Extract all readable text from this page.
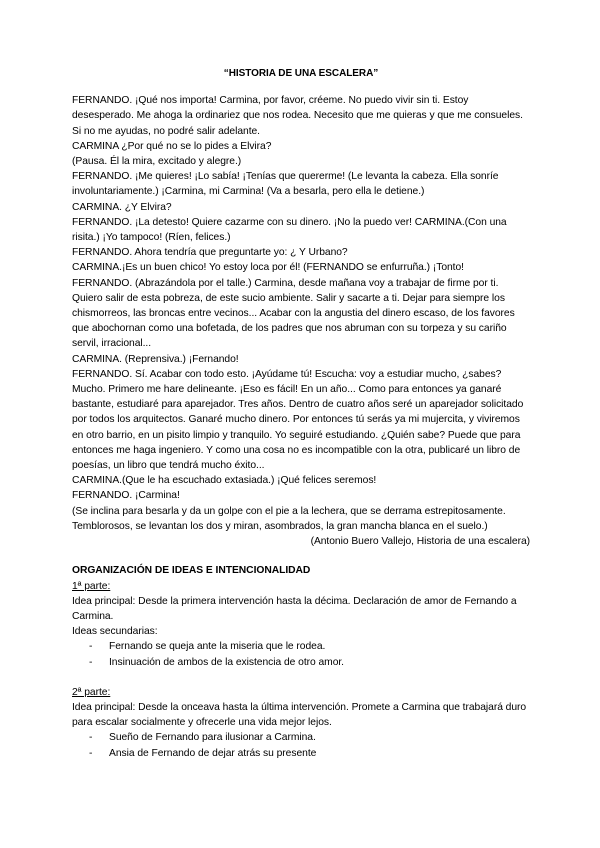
“HISTORIA DE UNA ESCALERA”

FERNANDO. ¡Qué nos importa! Carmina, por favor, créeme. No puedo vivir sin ti. Estoy desesperado. Me ahoga la ordinariez que nos rodea. Necesito que me quieras y que me consueles. Si no me ayudas, no podré salir adelante.

CARMINA ¿Por qué no se lo pides a Elvira?

(Pausa. Él la mira, excitado y alegre.)

FERNANDO. ¡Me quieres! ¡Lo sabía! ¡Tenías que quererme! (Le levanta la cabeza. Ella sonríe involuntariamente.) ¡Carmina, mi Carmina! (Va a besarla, pero ella le detiene.)

CARMINA. ¿Y Elvira?

FERNANDO. ¡La detesto! Quiere cazarme con su dinero. ¡No la puedo ver! CARMINA.(Con una risita.) ¡Yo tampoco! (Ríen, felices.)

FERNANDO. Ahora tendría que preguntarte yo: ¿ Y Urbano?

CARMINA.¡Es un buen chico! Yo estoy loca por él! (FERNANDO se enfurruña.) ¡Tonto!

FERNANDO. (Abrazándola por el talle.) Carmina, desde mañana voy a trabajar de firme por ti. Quiero salir de esta pobreza, de este sucio ambiente. Salir y sacarte a ti. Dejar para siempre los chismorreos, las broncas entre vecinos... Acabar con la angustia del dinero escaso, de los favores que abochornan como una bofetada, de los padres que nos abruman con su torpeza y su cariño servil, irracional...

CARMINA. (Reprensiva.) ¡Fernando!

FERNANDO. Sí. Acabar con todo esto. ¡Ayúdame tú! Escucha: voy a estudiar mucho, ¿sabes? Mucho. Primero me hare delineante. ¡Eso es fácil! En un año... Como para entonces ya ganaré bastante, estudiaré para aparejador. Tres años. Dentro de cuatro años seré un aparejador solicitado por todos los arquitectos. Ganaré mucho dinero. Por entonces tú serás ya mi mujercita, y viviremos en otro barrio, en un pisito limpio y tranquilo. Yo seguiré estudiando. ¿Quién sabe? Puede que para entonces me haga ingeniero. Y como una cosa no es incompatible con la otra, publicaré un libro de poesías, un libro que tendrá mucho éxito...

CARMINA.(Que le ha escuchado extasiada.) ¡Qué felices seremos!

FERNANDO. ¡Carmina!

(Se inclina para besarla y da un golpe con el pie a la lechera, que se derrama estrepitosamente. Temblorosos, se levantan los dos y miran, asombrados, la gran mancha blanca en el suelo.)

(Antonio Buero Vallejo, Historia de una escalera)

ORGANIZACIÓN DE IDEAS E INTENCIONALIDAD

1ª parte:

Idea principal: Desde la primera intervención hasta la décima. Declaración de amor de Fernando a Carmina.

Ideas secundarias:

- Fernando se queja ante la miseria que le rodea.
- Insinuación de ambos de la existencia de otro amor.

2ª parte:

Idea principal: Desde la onceava hasta la última intervención. Promete a Carmina que trabajará duro para escalar socialmente y ofrecerle una vida mejor lejos.

- Sueño de Fernando para ilusionar a Carmina.
- Ansia de Fernando de dejar atrás su presente
